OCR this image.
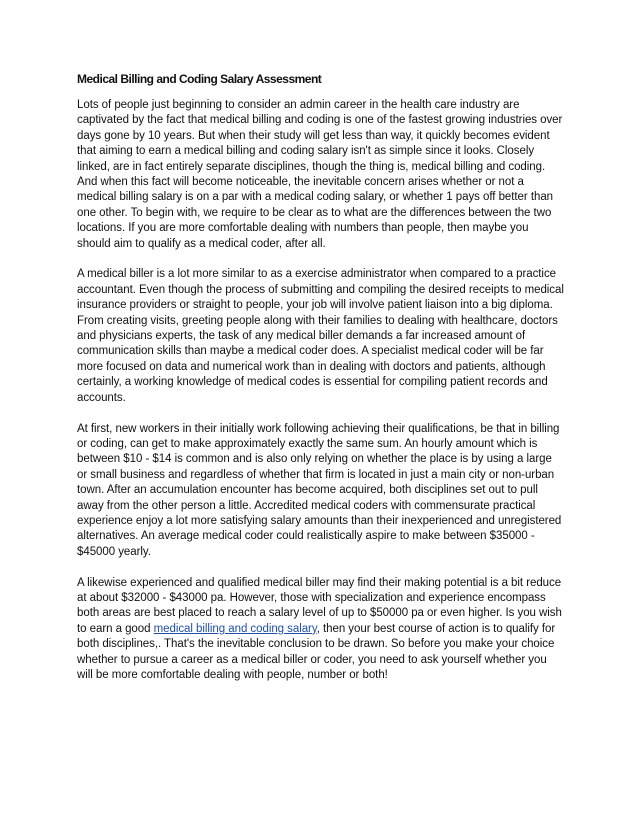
Medical Billing and Coding Salary Assessment

Lots of people just beginning to consider an admin career in the health care industry are captivated by the fact that medical billing and coding is one of the fastest growing industries over days gone by 10 years. But when their study will get less than way, it quickly becomes evident that aiming to earn a medical billing and coding salary isn't as simple since it looks. Closely linked, are in fact entirely separate disciplines, though the thing is, medical billing and coding. And when this fact will become noticeable, the inevitable concern arises whether or not a medical billing salary is on a par with a medical coding salary, or whether 1 pays off better than one other. To begin with, we require to be clear as to what are the differences between the two locations. If you are more comfortable dealing with numbers than people, then maybe you should aim to qualify as a medical coder, after all.

A medical biller is a lot more similar to as a exercise administrator when compared to a practice accountant. Even though the process of submitting and compiling the desired receipts to medical insurance providers or straight to people, your job will involve patient liaison into a big diploma. From creating visits, greeting people along with their families to dealing with healthcare, doctors and physicians experts, the task of any medical biller demands a far increased amount of communication skills than maybe a medical coder does. A specialist medical coder will be far more focused on data and numerical work than in dealing with doctors and patients, although certainly, a working knowledge of medical codes is essential for compiling patient records and accounts.

At first, new workers in their initially work following achieving their qualifications, be that in billing or coding, can get to make approximately exactly the same sum. An hourly amount which is between $10 - $14 is common and is also only relying on whether the place is by using a large or small business and regardless of whether that firm is located in just a main city or non-urban town. After an accumulation encounter has become acquired, both disciplines set out to pull away from the other person a little. Accredited medical coders with commensurate practical experience enjoy a lot more satisfying salary amounts than their inexperienced and unregistered alternatives. An average medical coder could realistically aspire to make between $35000 - $45000 yearly.

A likewise experienced and qualified medical biller may find their making potential is a bit reduce at about $32000 - $43000 pa. However, those with specialization and experience encompass both areas are best placed to reach a salary level of up to $50000 pa or even higher. Is you wish to earn a good medical billing and coding salary, then your best course of action is to qualify for both disciplines,. That's the inevitable conclusion to be drawn. So before you make your choice whether to pursue a career as a medical biller or coder, you need to ask yourself whether you will be more comfortable dealing with people, number or both!
